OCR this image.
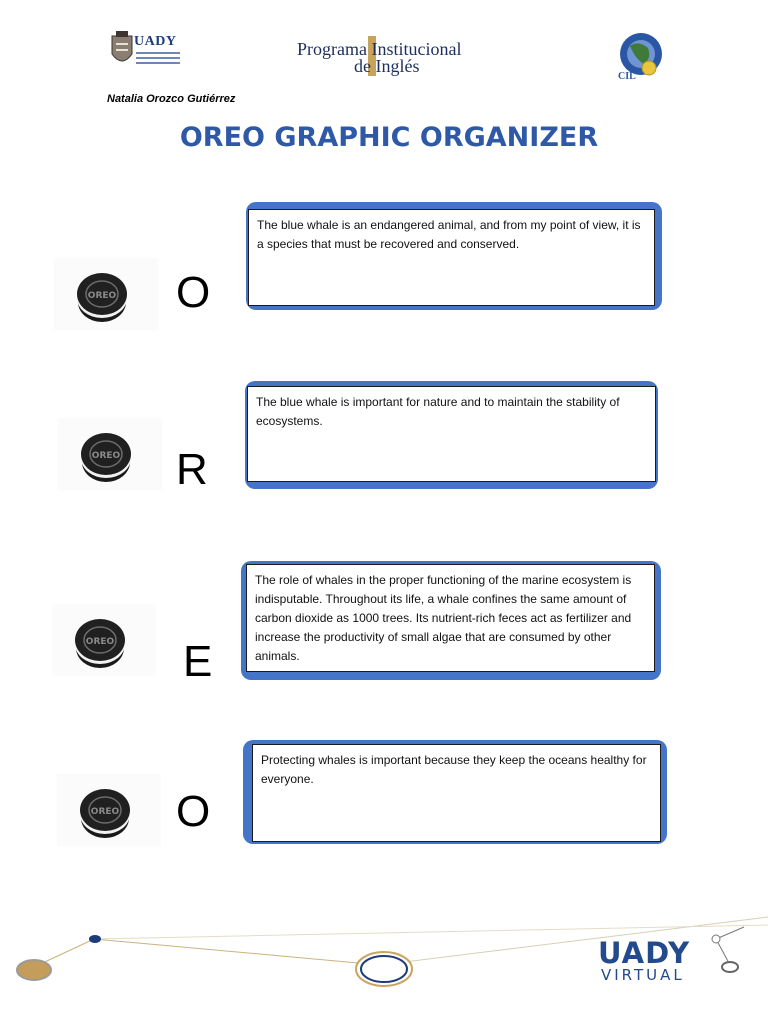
UADY	Programa Institucional
de Inglés
CIL
Natalia Orozco Gutiérrez
OREO GRAPHIC ORGANIZER
OREO O
The blue whale is an endangered animal, and from my point of view, it is a species that must be recovered and conserved.
OREO R
The blue whale is important for nature and to maintain the stability of ecosystems.
OREO E
The role of whales in the proper functioning of the marine ecosystem is indisputable. Throughout its life, a whale confines the same amount of carbon dioxide as 1000 trees. Its nutrient-rich feces act as fertilizer and increase the productivity of small algae that are consumed by other animals.
OREO O
Protecting whales is important because they keep the oceans healthy for everyone.
UADY
VIRTUAL
